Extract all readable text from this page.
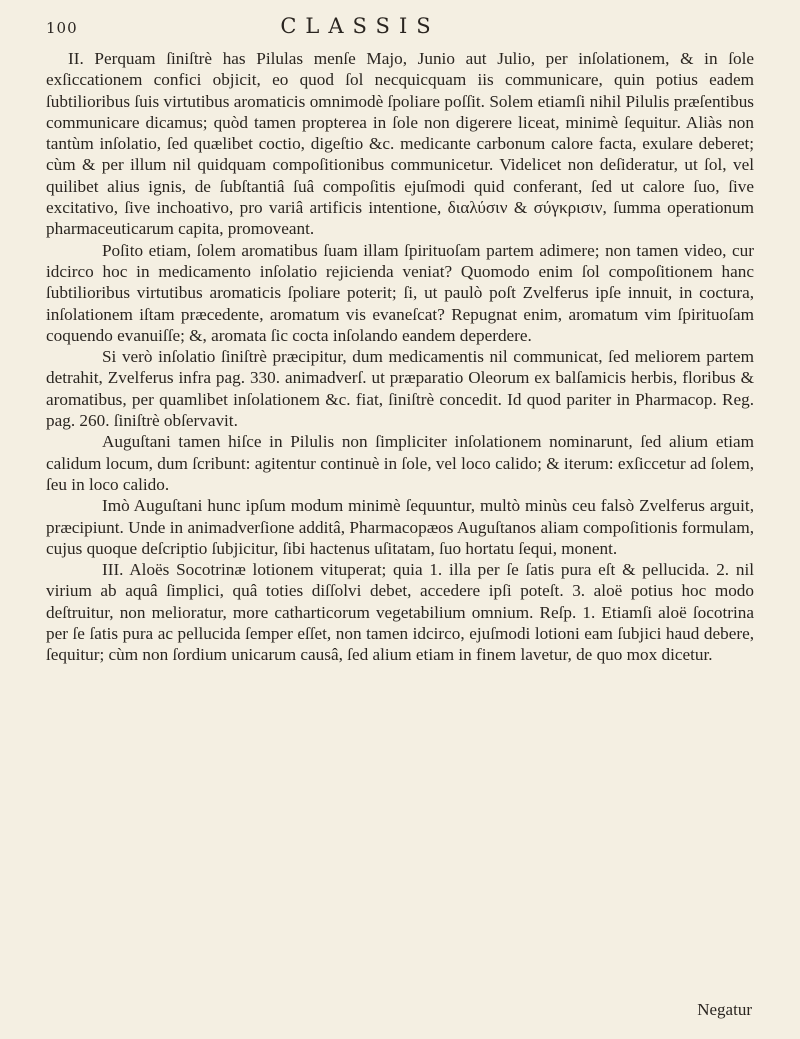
100	CLASSIS

II. Perquam ſiniſtrè has Pilulas menſe Majo, Junio aut Julio, per inſolationem, & in ſole exſiccationem confici objicit, eo quod ſol necquicquam iis communicare, quin potius eadem ſubtilioribus ſuis virtutibus aromaticis omnimodè ſpoliare poſſit. Solem etiamſi nihil Pilulis præſentibus communicare dicamus; quòd tamen propterea in ſole non digerere liceat, minimè ſequitur. Aliàs non tantùm inſolatio, ſed quælibet coctio, digeſtio &c. medicante carbonum calore facta, exulare deberet; cùm & per illum nil quidquam compoſitionibus communicetur. Videlicet non deſideratur, ut ſol, vel quilibet alius ignis, de ſubſtantiâ ſuâ compoſitis ejuſmodi quid conferant, ſed ut calore ſuo, ſive excitativo, ſive inchoativo, pro variâ artificis intentione, διαλύσιν & σύγκρισιν, ſumma operationum pharmaceuticarum capita, promoveant.

Poſito etiam, ſolem aromatibus ſuam illam ſpirituoſam partem adimere; non tamen video, cur idcirco hoc in medicamento inſolatio rejicienda veniat? Quomodo enim ſol compoſitionem hanc ſubtilioribus virtutibus aromaticis ſpoliare poterit; ſi, ut paulò poſt Zvelferus ipſe innuit, in coctura, inſolationem iſtam præcedente, aromatum vis evaneſcat? Repugnat enim, aromatum vim ſpirituoſam coquendo evanuiſſe; &, aromata ſic cocta inſolando eandem deperdere.

Si verò inſolatio ſiniſtrè præcipitur, dum medicamentis nil communicat, ſed meliorem partem detrahit, Zvelferus infra pag. 330. animadverſ. ut præparatio Oleorum ex balſamicis herbis, floribus & aromatibus, per quamlibet inſolationem &c. fiat, ſiniſtrè concedit. Id quod pariter in Pharmacop. Reg. pag. 260. ſiniſtrè obſervavit.

Auguſtani tamen hiſce in Pilulis non ſimpliciter inſolationem nominarunt, ſed alium etiam calidum locum, dum ſcribunt: agitentur continuè in ſole, vel loco calido; & iterum: exſiccetur ad ſolem, ſeu in loco calido.

Imò Auguſtani hunc ipſum modum minimè ſequuntur, multò minùs ceu falsò Zvelferus arguit, præcipiunt. Unde in animadverſione additâ, Pharmacopæos Auguſtanos aliam compoſitionis formulam, cujus quoque deſcriptio ſubjicitur, ſibi hactenus uſitatam, ſuo hortatu ſequi, monent.

III. Aloës Socotrinæ lotionem vituperat; quia 1. illa per ſe ſatis pura eſt & pellucida. 2. nil virium ab aquâ ſimplici, quâ toties diſſolvi debet, accedere ipſi poteſt. 3. aloë potius hoc modo deſtruitur, non melioratur, more catharticorum vegetabilium omnium. Reſp. 1. Etiamſi aloë ſocotrina per ſe ſatis pura ac pellucida ſemper eſſet, non tamen idcirco, ejuſmodi lotioni eam ſubjici haud debere, ſequitur; cùm non ſordium unicarum causâ, ſed alium etiam in finem lavetur, de quo mox dicetur.

Negatur
